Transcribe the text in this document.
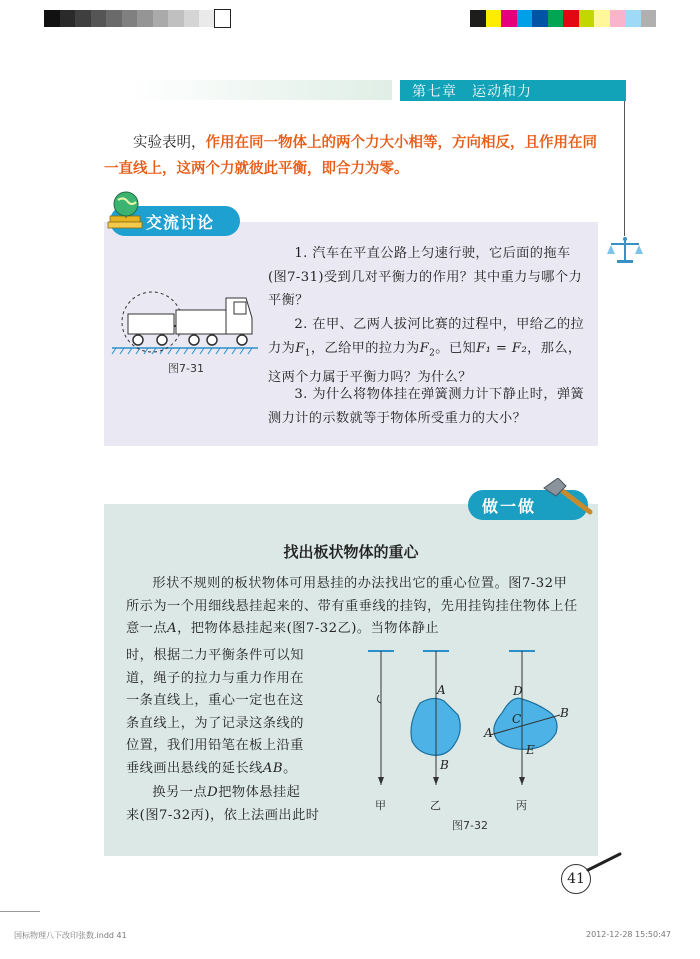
第七章　运动和力
实验表明，作用在同一物体上的两个力大小相等，方向相反，且作用在同一直线上，这两个力就彼此平衡，即合力为零。
交流讨论
图7-31
1. 汽车在平直公路上匀速行驶，它后面的拖车(图7-31)受到几对平衡力的作用？其中重力与哪个力平衡？
2. 在甲、乙两人拔河比赛的过程中，甲给乙的拉力为$F_1$，乙给甲的拉力为$F_2$。已知F₁ = F₂，那么，这两个力属于平衡力吗？为什么？
3. 为什么将物体挂在弹簧测力计下静止时，弹簧测力计的示数就等于物体所受重力的大小？
做一做
找出板状物体的重心
形状不规则的板状物体可用悬挂的办法找出它的重心位置。图7-32甲所示为一个用细线悬挂起来的、带有重垂线的挂钩，先用挂钩挂住物体上任意一点A，把物体悬挂起来(图7-32乙)。当物体静止
时，根据二力平衡条件可以知
道，绳子的拉力与重力作用在
一条直线上，重心一定也在这
条直线上，为了记录这条线的
位置，我们用铅笔在板上沿重
垂线画出悬线的延长线AB。
换另一点D把物体悬挂起
来(图7-32丙)，依上法画出此时
A
B
D
C	B
A
E
甲	乙	丙
图7-32
41
国标物理八下改印张数.indd 41	2012-12-28 15:50:47
